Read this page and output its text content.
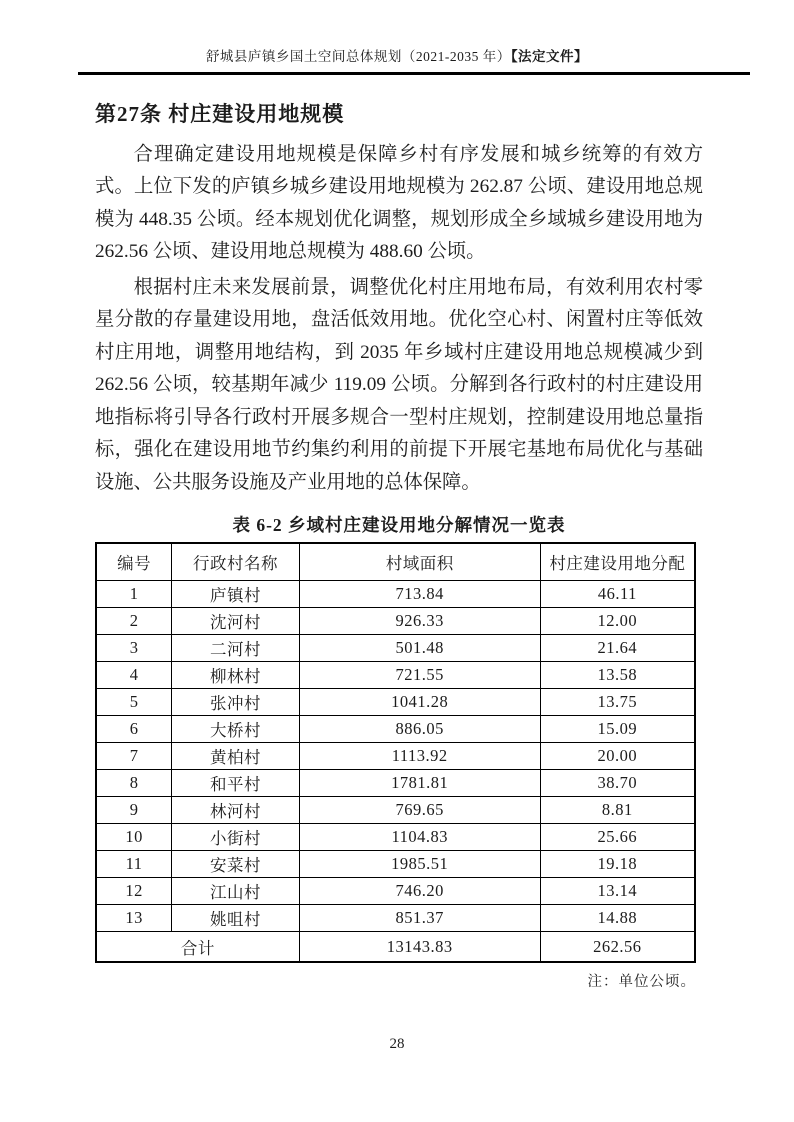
舒城县庐镇乡国土空间总体规划（2021-2035 年）【法定文件】
第27条 村庄建设用地规模

合理确定建设用地规模是保障乡村有序发展和城乡统筹的有效方式。上位下发的庐镇乡城乡建设用地规模为 262.87 公顷、建设用地总规模为 448.35 公顷。经本规划优化调整，规划形成全乡域城乡建设用地为 262.56 公顷、建设用地总规模为 488.60 公顷。

根据村庄未来发展前景，调整优化村庄用地布局，有效利用农村零星分散的存量建设用地，盘活低效用地。优化空心村、闲置村庄等低效村庄用地，调整用地结构，到 2035 年乡域村庄建设用地总规模减少到 262.56 公顷，较基期年减少 119.09 公顷。分解到各行政村的村庄建设用地指标将引导各行政村开展多规合一型村庄规划，控制建设用地总量指标，强化在建设用地节约集约利用的前提下开展宅基地布局优化与基础设施、公共服务设施及产业用地的总体保障。

表 6-2 乡域村庄建设用地分解情况一览表
编号	行政村名称	村域面积	村庄建设用地分配
1	庐镇村	713.84	46.11
2	沈河村	926.33	12.00
3	二河村	501.48	21.64
4	柳林村	721.55	13.58
5	张冲村	1041.28	13.75
6	大桥村	886.05	15.09
7	黄柏村	1113.92	20.00
8	和平村	1781.81	38.70
9	林河村	769.65	8.81
10	小街村	1104.83	25.66
11	安菜村	1985.51	19.18
12	江山村	746.20	13.14
13	姚咀村	851.37	14.88
合计		13143.83	262.56
注：单位公顷。
28
